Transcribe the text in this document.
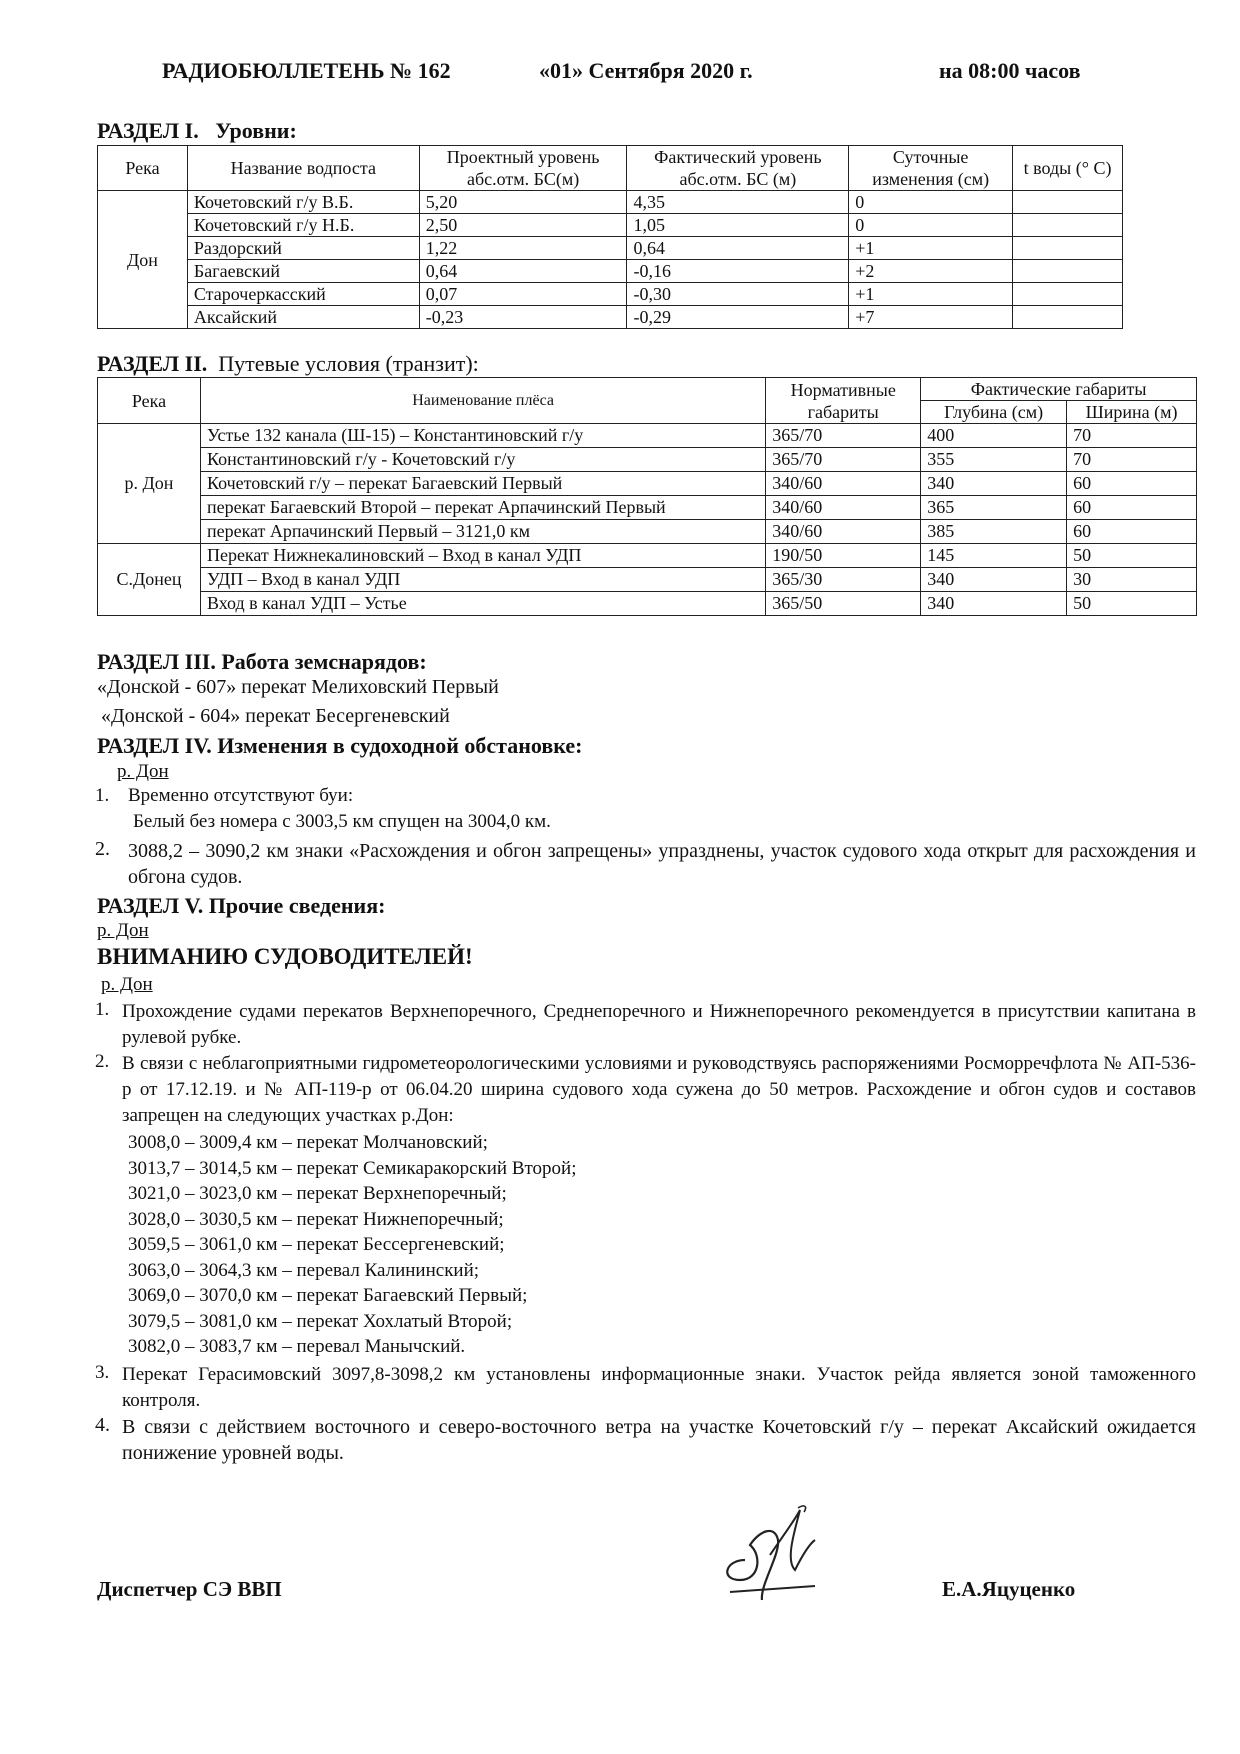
РАДИОБЮЛЛЕТЕНЬ № 162	«01» Сентября 2020 г.	на 08:00 часов
РАЗДЕЛ I. Уровни:
Река	Название водпоста	Проектный уровень абс.отм. БС(м)	Фактический уровень абс.отм. БС (м)	Суточные изменения (см)	t воды (° С)
Дон	Кочетовский г/у В.Б.	5,20	4,35	0	
	Кочетовский г/у Н.Б.	2,50	1,05	0	
	Раздорский	1,22	0,64	+1	
	Багаевский	0,64	-0,16	+2	
	Старочеркасский	0,07	-0,30	+1	
	Аксайский	-0,23	-0,29	+7	
РАЗДЕЛ II. Путевые условия (транзит):
Река	Наименование плёса	Нормативные габариты	Фактические габариты	
			Глубина (см)	Ширина (м)
р. Дон	Устье 132 канала (Ш-15) – Константиновский г/у	365/70	400	70
	Константиновский г/у - Кочетовский г/у	365/70	355	70
	Кочетовский г/у – перекат Багаевский Первый	340/60	340	60
	перекат Багаевский Второй – перекат Арпачинский Первый	340/60	365	60
	перекат Арпачинский Первый – 3121,0 км	340/60	385	60
С.Донец	Перекат Нижнекалиновский – Вход в канал УДП	190/50	145	50
	УДП – Вход в канал УДП	365/30	340	30
	Вход в канал УДП – Устье	365/50	340	50
РАЗДЕЛ III. Работа земснарядов:
«Донской - 607» перекат Мелиховский Первый
«Донской - 604» перекат Бесергеневский
РАЗДЕЛ IV. Изменения в судоходной обстановке:
р. Дон
1. Временно отсутствуют буи:
Белый без номера с 3003,5 км спущен на 3004,0 км.
2. 3088,2 – 3090,2 км знаки «Расхождения и обгон запрещены» упразднены, участок судового хода открыт для расхождения и обгона судов.
РАЗДЕЛ V. Прочие сведения:
р. Дон
ВНИМАНИЮ СУДОВОДИТЕЛЕЙ!
р. Дон
1. Прохождение судами перекатов Верхнепоречного, Среднепоречного и Нижнепоречного рекомендуется в присутствии капитана в рулевой рубке.
2. В связи с неблагоприятными гидрометеорологическими условиями и руководствуясь распоряжениями Росморречфлота № АП-536-р от 17.12.19. и № АП-119-р от 06.04.20 ширина судового хода сужена до 50 метров. Расхождение и обгон судов и составов запрещен на следующих участках р.Дон:
3008,0 – 3009,4 км – перекат Молчановский;
3013,7 – 3014,5 км – перекат Семикаракорский Второй;
3021,0 – 3023,0 км – перекат Верхнепоречный;
3028,0 – 3030,5 км – перекат Нижнепоречный;
3059,5 – 3061,0 км – перекат Бессергеневский;
3063,0 – 3064,3 км – перевал Калининский;
3069,0 – 3070,0 км – перекат Багаевский Первый;
3079,5 – 3081,0 км – перекат Хохлатый Второй;
3082,0 – 3083,7 км – перевал Манычский.
3. Перекат Герасимовский 3097,8-3098,2 км установлены информационные знаки. Участок рейда является зоной таможенного контроля.
4. В связи с действием восточного и северо-восточного ветра на участке Кочетовский г/у – перекат Аксайский ожидается понижение уровней воды.
Диспетчер СЭ ВВП	Е.А.Яцуценко
